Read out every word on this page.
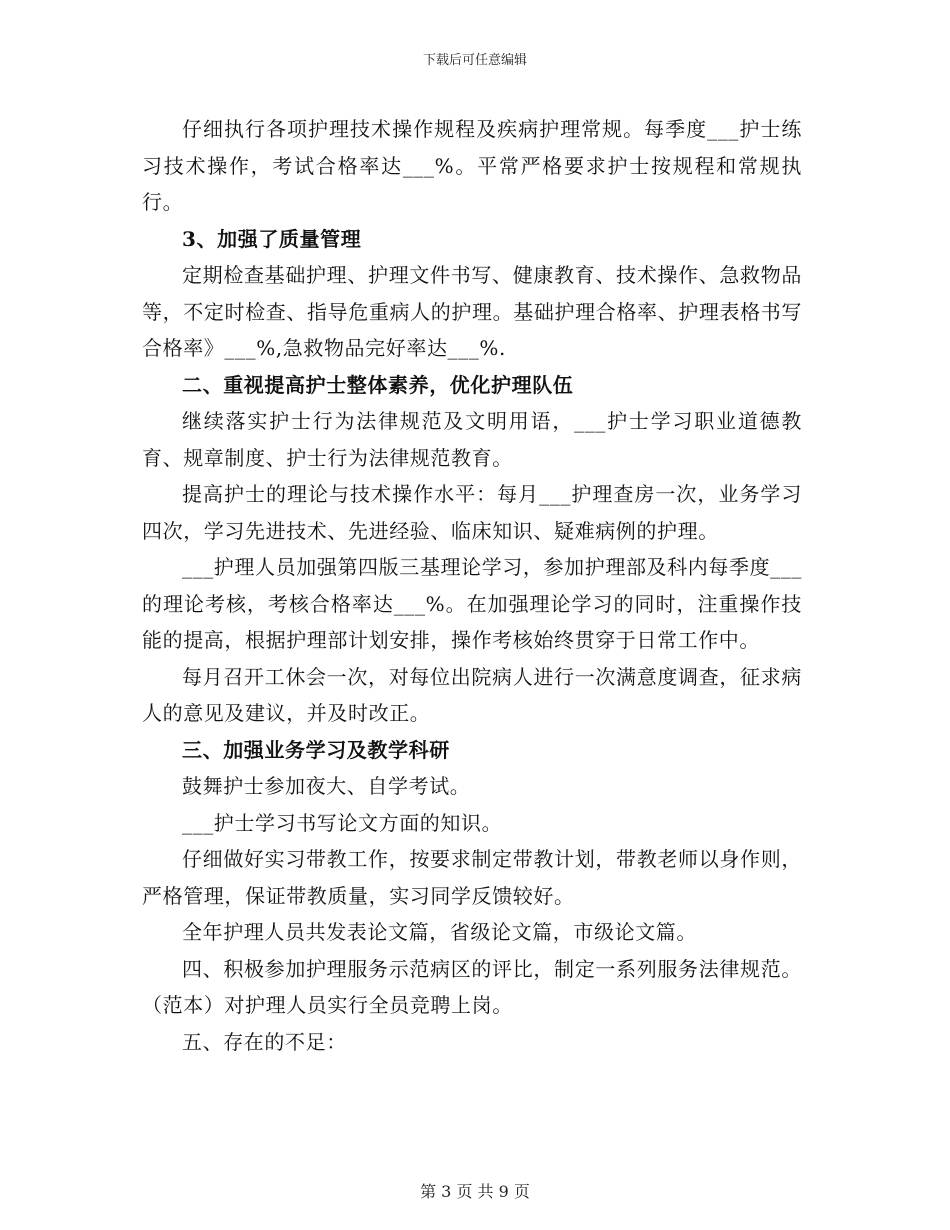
下载后可任意编辑

仔细执行各项护理技术操作规程及疾病护理常规。每季度___护士练习技术操作，考试合格率达___%。平常严格要求护士按规程和常规执行。

3、加强了质量管理

定期检查基础护理、护理文件书写、健康教育、技术操作、急救物品等，不定时检查、指导危重病人的护理。基础护理合格率、护理表格书写合格率》___%,急救物品完好率达___%.

二、重视提高护士整体素养，优化护理队伍

继续落实护士行为法律规范及文明用语，___护士学习职业道德教育、规章制度、护士行为法律规范教育。

提高护士的理论与技术操作水平：每月___护理查房一次，业务学习四次，学习先进技术、先进经验、临床知识、疑难病例的护理。

___护理人员加强第四版三基理论学习，参加护理部及科内每季度___的理论考核，考核合格率达___%。在加强理论学习的同时，注重操作技能的提高，根据护理部计划安排，操作考核始终贯穿于日常工作中。

每月召开工休会一次，对每位出院病人进行一次满意度调查，征求病人的意见及建议，并及时改正。

三、加强业务学习及教学科研

鼓舞护士参加夜大、自学考试。

___护士学习书写论文方面的知识。

仔细做好实习带教工作，按要求制定带教计划，带教老师以身作则，严格管理，保证带教质量，实习同学反馈较好。

全年护理人员共发表论文篇，省级论文篇，市级论文篇。

四、积极参加护理服务示范病区的评比，制定一系列服务法律规范。（范本）对护理人员实行全员竞聘上岗。

五、存在的不足：

第 3 页 共 9 页
